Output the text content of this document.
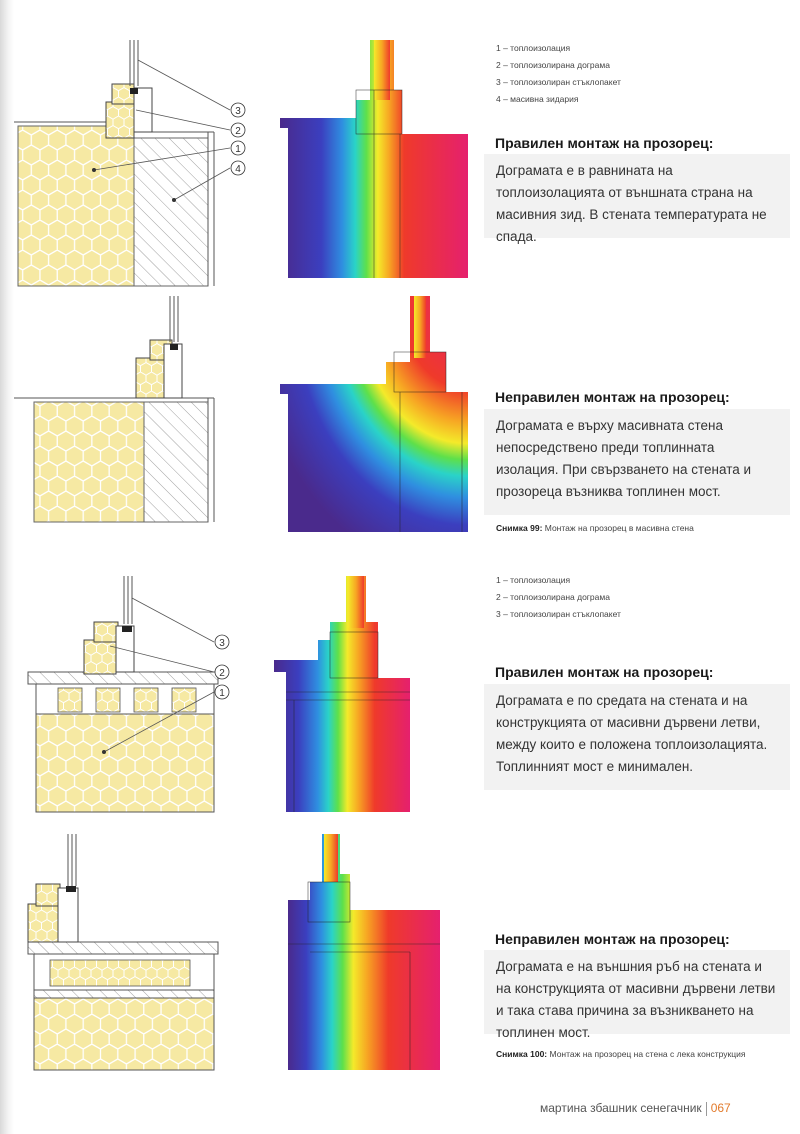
3
2
1
4
1 – топлоизолация
2 – топлоизолирана дограма
3 – топлоизолиран стъклопакет
4 – масивна зидария
Правилен монтаж на прозорец:

Дограмата е в равнината на топлоизолацията от външната страна на масивния зид. В стената температурата не спада.

Неправилен монтаж на прозорец:

Дограмата е върху масивната стена непосредствено преди топлинната изолация. При свързването на стената и прозореца възниква топлинен мост.

Снимка 99: Монтаж на прозорец в масивна стена
3
2
1
1 – топлоизолация
2 – топлоизолирана дограма
3 – топлоизолиран стъклопакет
Правилен монтаж на прозорец:

Дограмата е по средата на стената и на конструкцията от масивни дървени летви, между които е положена топлоизолацията. Топлинният мост е минимален.

Неправилен монтаж на прозорец:

Дограмата е на външния ръб на стената и на конструкцията от масивни дървени летви и така става причина за възникването на топлинен мост.

Снимка 100: Монтаж на прозорец на стена с лека конструкция
мартина збашник сенегачник 067
